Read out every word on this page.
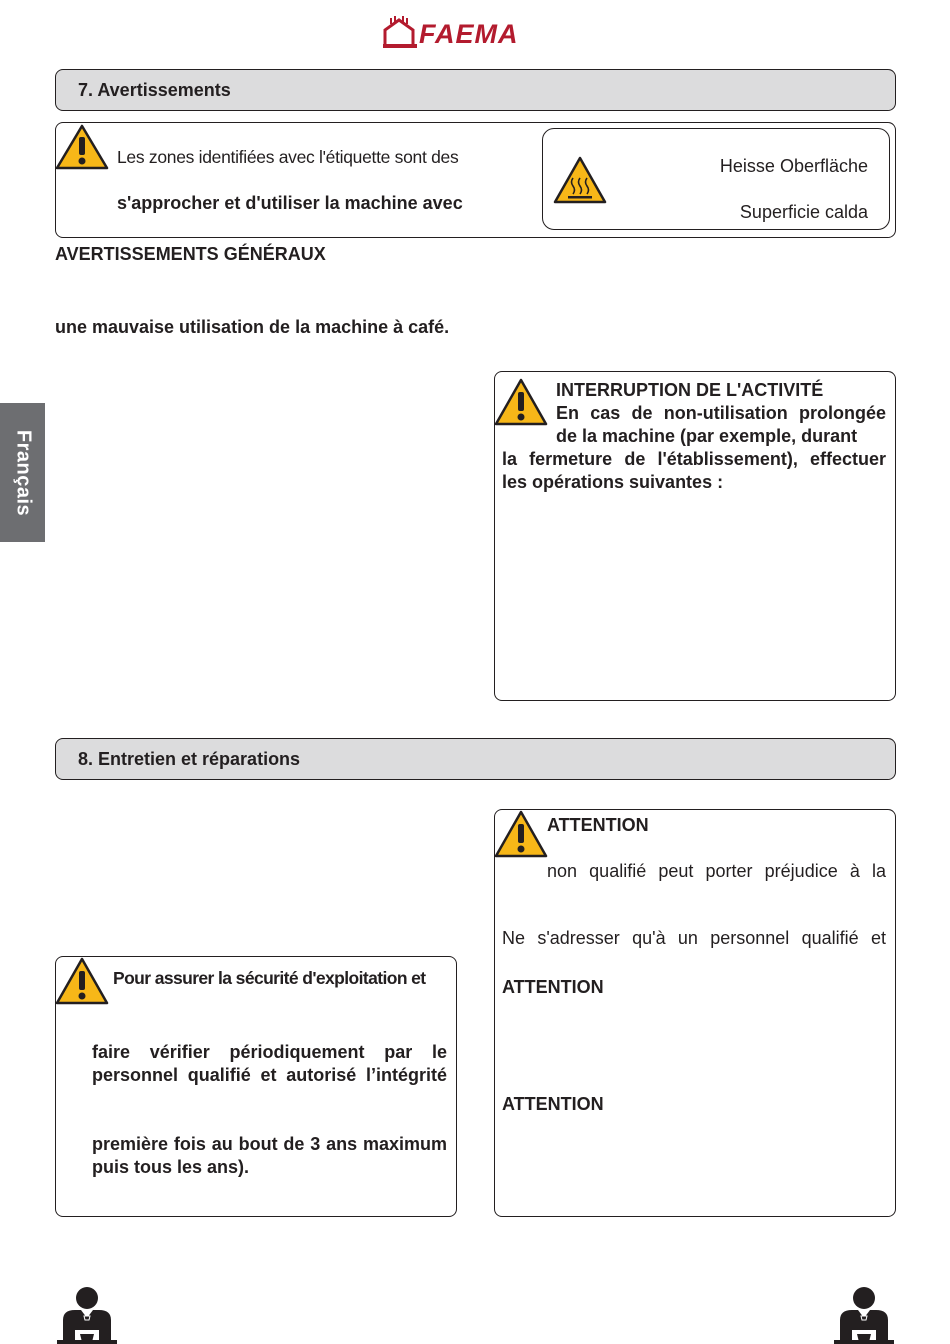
FAEMA
7. Avertissements
Les zones identifiées avec l'étiquette sont des
s'approcher et d'utiliser la machine avec
Heisse Oberfläche
Superficie calda
AVERTISSEMENTS GÉNÉRAUX
une mauvaise utilisation de la machine à café.
Français
INTERRUPTION DE L'ACTIVITÉ
En cas de non-utilisation prolongée
de la machine (par exemple, durant
la fermeture de l'établissement), effectuer
les opérations suivantes :
8. Entretien et réparations
ATTENTION
non qualifié peut porter préjudice à la
Ne s'adresser qu'à un personnel qualifié et
ATTENTION
ATTENTION
Pour assurer la sécurité d'exploitation et
faire vérifier périodiquement par le
personnel qualifié et autorisé l’intégrité
première fois au bout de 3 ans maximum
puis tous les ans).
